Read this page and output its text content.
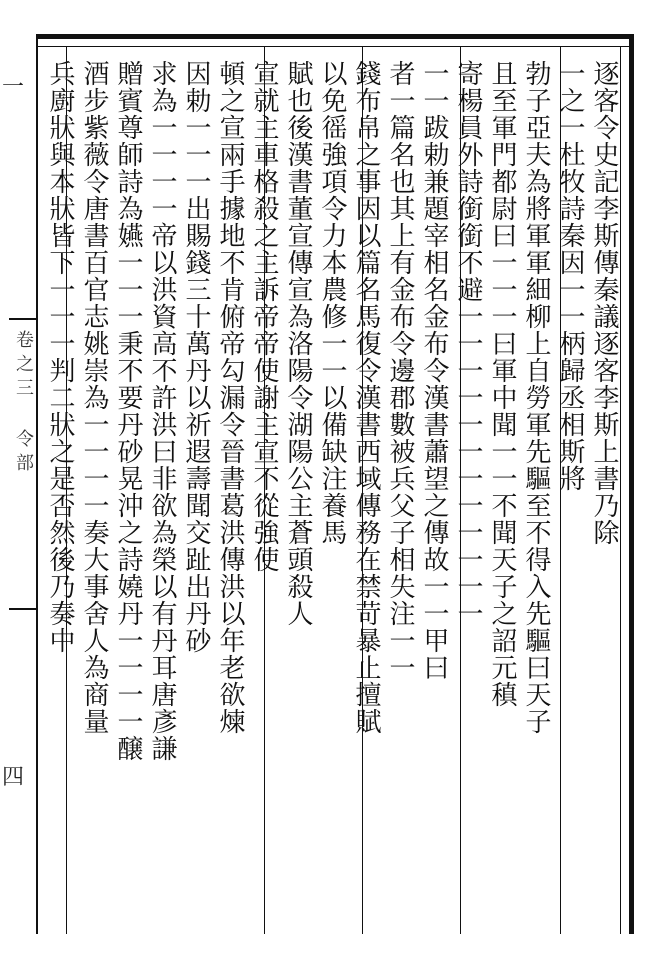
卷之三 令部
一
四
逐客令史記李斯傳秦議逐客李斯上書乃除
一之一杜牧詩秦因一一柄歸丞相斯將
勃子亞夫為將軍軍細柳上自勞軍先驅至不得入先驅曰天子
且至軍門都尉曰一一一曰軍中聞一一不聞天子之詔元稹
寄楊員外詩銜銜不避一一一一一一一一一一一一
一一跋勅兼題宰相名金布令漢書蕭望之傳故一一甲曰
者一篇名也其上有金布令邊郡數被兵父子相失注一一
錢布帛之事因以篇名馬復令漢書西域傳務在禁苛暴止擅賦
以免徭強項令力本農修一一以備缺注養馬
賦也後漢書董宣傳宣為洛陽令湖陽公主蒼頭殺人
宣就主車格殺之主訴帝帝使謝主宣不從強使
頓之宣兩手據地不肯俯帝勾漏令晉書葛洪傳洪以年老欲煉
因勅一一一出賜錢三十萬丹以祈遐壽聞交趾出丹砂
求為一一一一帝以洪資高不許洪曰非欲為榮以有丹耳唐彥謙
贈賓尊師詩為嬿一一一秉不要丹砂晃沖之詩嬈丹一一一一醸
酒步紫薇令唐書百官志姚崇為一一一一奏大事舍人為商量
兵廚狀與本狀皆下一一一判二狀之是否然後乃奏中
